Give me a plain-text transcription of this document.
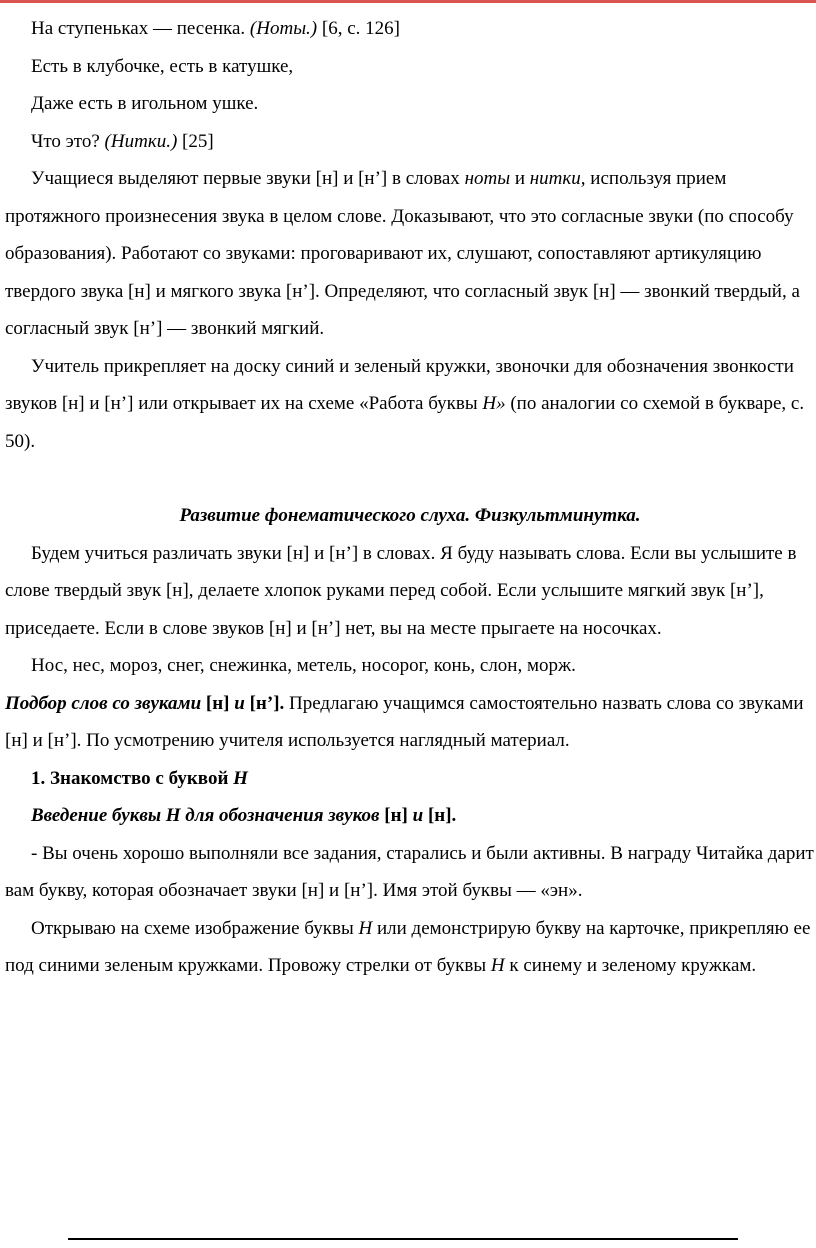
На ступеньках — песенка. (Ноты.) [6, с. 126]

Есть в клубочке, есть в катушке,

Даже есть в игольном ушке.

Что это? (Нитки.) [25]

Учащиеся выделяют первые звуки [н] и [н’] в словах ноты и нитки, используя прием протяжного произнесения звука в целом слове. Доказывают, что это согласные звуки (по способу образования). Работают со звуками: проговаривают их, слушают, сопоставляют артикуляцию твердого звука [н] и мягкого звука [н’]. Определяют, что согласный звук [н] — звонкий твердый, а согласный звук [н’] — звонкий мягкий.

Учитель прикрепляет на доску синий и зеленый кружки, звоночки для обозначения звонкости звуков [н] и [н’] или открывает их на схеме «Работа буквы Н» (по аналогии со схемой в букваре, с. 50).

Развитие фонематического слуха. Физкультминутка.

Будем учиться различать звуки [н] и [н’] в словах. Я буду называть слова. Если вы услышите в слове твердый звук [н], делаете хлопок руками перед собой. Если услышите мягкий звук [н’], приседаете. Если в слове звуков [н] и [н’] нет, вы на месте прыгаете на носочках.

Нос, нес, мороз, снег, снежинка, метель, носорог, конь, слон, морж.

Подбор слов со звуками [н] и [н’]. Предлагаю учащимся самостоятельно назвать слова со звуками [н] и [н’]. По усмотрению учителя используется наглядный материал.

1. Знакомство с буквой Н

Введение буквы Н для обозначения звуков [н] и [н].

- Вы очень хорошо выполняли все задания, старались и были активны. В награду Читайка дарит вам букву, которая обозначает звуки [н] и [н’]. Имя этой буквы — «эн».

Открываю на схеме изображение буквы Н или демонстрирую букву на карточке, прикрепляю ее под синими зеленым кружками. Провожу стрелки от буквы Н к синему и зеленому кружкам.
